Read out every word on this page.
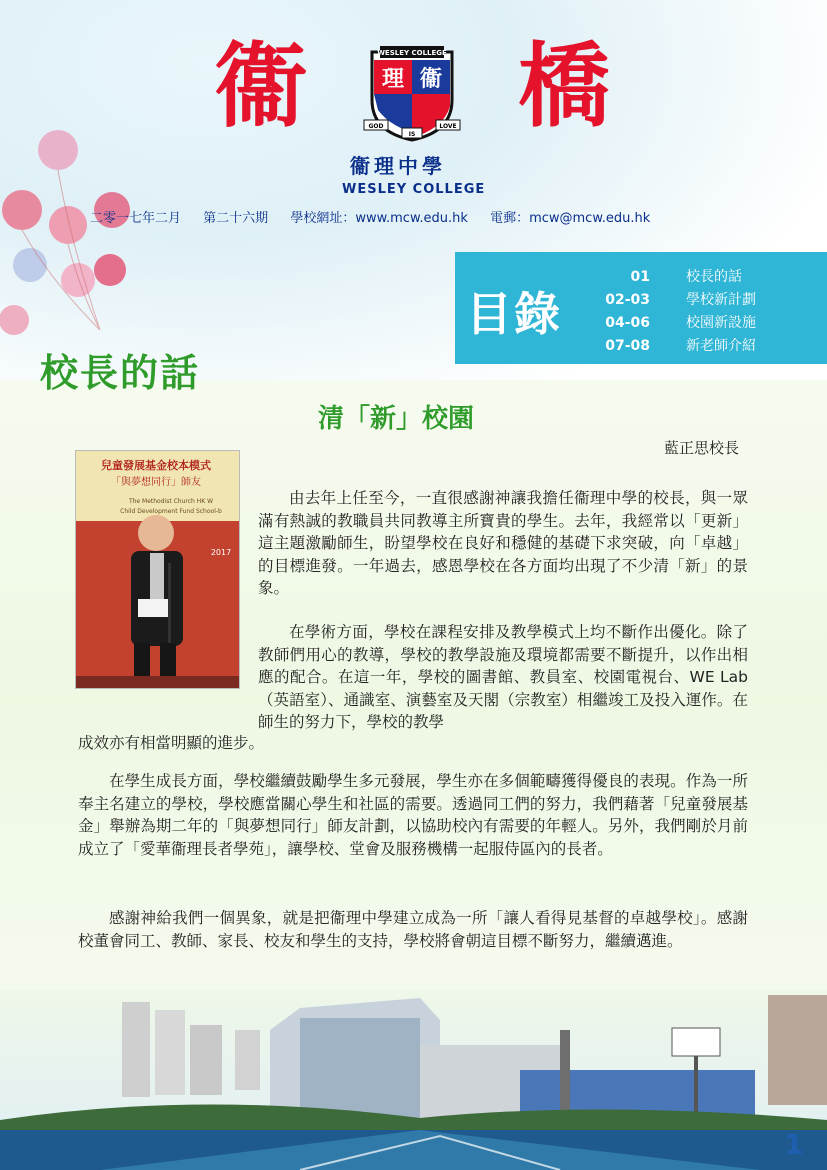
衞 橋
WESLEY COLLEGE
理 衞
GOD
IS
LOVE
衞理中學
WESLEY COLLEGE
二零一七年二月 第二十六期 學校網址：www.mcw.edu.hk 電郵：mcw@mcw.edu.hk
目錄
01
02-03
04-06
07-08
校長的話
學校新計劃
校園新設施
新老師介紹
校長的話
清「新」校園
藍正思校長
兒童發展基金校本模式
「與夢想同行」師友
The Methodist Church HK W
Child Development Fund School-b
2017

由去年上任至今，一直很感謝神讓我擔任衞理中學的校長，與一眾滿有熱誠的教職員共同教導主所寶貴的學生。去年，我經常以「更新」這主題激勵師生，盼望學校在良好和穩健的基礎下求突破，向「卓越」的目標進發。一年過去，感恩學校在各方面均出現了不少清「新」的景象。

在學術方面，學校在課程安排及教學模式上均不斷作出優化。除了教師們用心的教導，學校的教學設施及環境都需要不斷提升，以作出相應的配合。在這一年，學校的圖書館、教員室、校園電視台、WE Lab（英語室）、通識室、演藝室及天閣（宗教室）相繼竣工及投入運作。在師生的努力下，學校的教學

成效亦有相當明顯的進步。

在學生成長方面，學校繼續鼓勵學生多元發展，學生亦在多個範疇獲得優良的表現。作為一所奉主名建立的學校，學校應當關心學生和社區的需要。透過同工們的努力，我們藉著「兒童發展基金」舉辦為期二年的「與夢想同行」師友計劃，以協助校內有需要的年輕人。另外，我們剛於月前成立了「愛華衞理長者學苑」，讓學校、堂會及服務機構一起服侍區內的長者。

感謝神給我們一個異象，就是把衞理中學建立成為一所「讓人看得見基督的卓越學校」。感謝校董會同工、教師、家長、校友和學生的支持，學校將會朝這目標不斷努力，繼續邁進。

1
